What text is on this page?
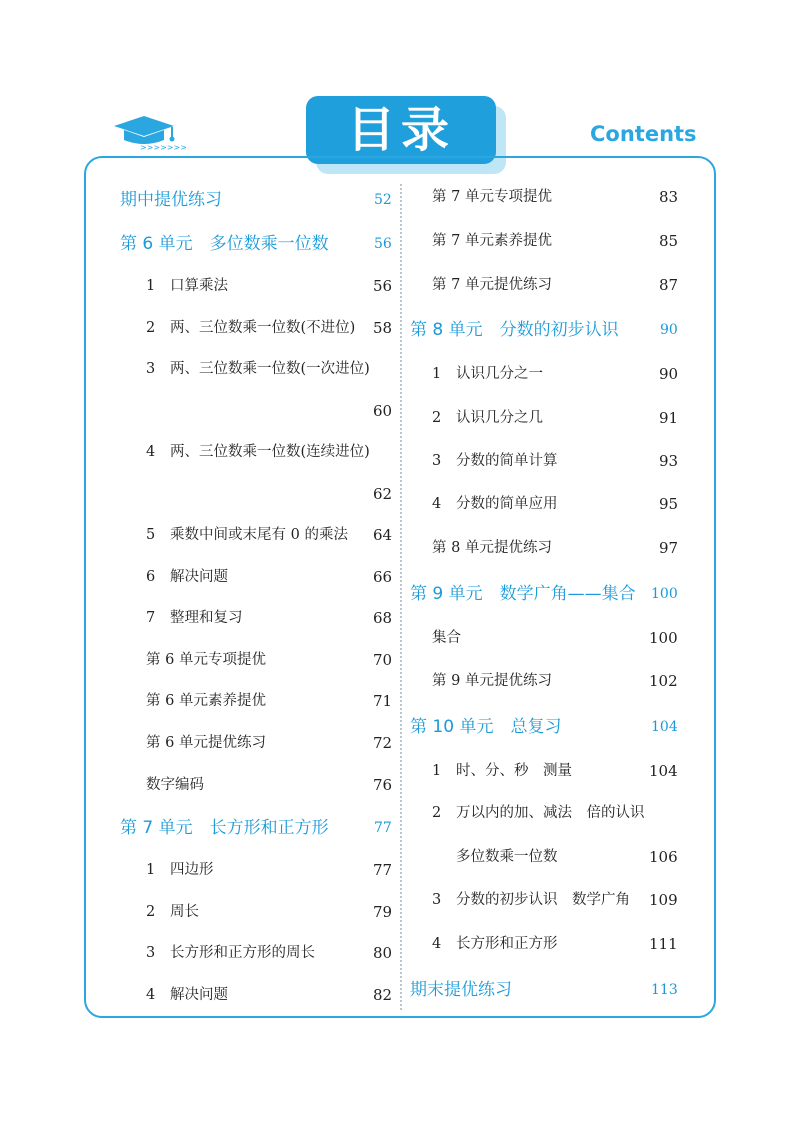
>>>>>>>	目录	Contents
期中提优练习	52
第 6 单元　多位数乘一位数	56
1 口算乘法	56
2 两、三位数乘一位数(不进位) 58
3 两、三位数乘一位数(一次进位)
60
4 两、三位数乘一位数(连续进位)
62
5 乘数中间或末尾有 0 的乘法 64
6 解决问题	66
7 整理和复习	68
第 6 单元专项提优	70
第 6 单元素养提优	71
第 6 单元提优练习	72
数字编码	76
第 7 单元　长方形和正方形	77
1 四边形	77
2 周长	79
3 长方形和正方形的周长	80
4 解决问题	82
第 7 单元专项提优	83
第 7 单元素养提优	85
第 7 单元提优练习	87
第 8 单元　分数的初步认识	90
1 认识几分之一	90
2 认识几分之几	91
3 分数的简单计算	93
4 分数的简单应用	95
第 8 单元提优练习	97
第 9 单元　数学广角——集合 100
集合	100
第 9 单元提优练习	102
第 10 单元　总复习	104
1 时、分、秒　测量	104
2 万以内的加、减法　倍的认识
多位数乘一位数	106
3 分数的初步认识　数学广角 109
4 长方形和正方形	111
期末提优练习	113
